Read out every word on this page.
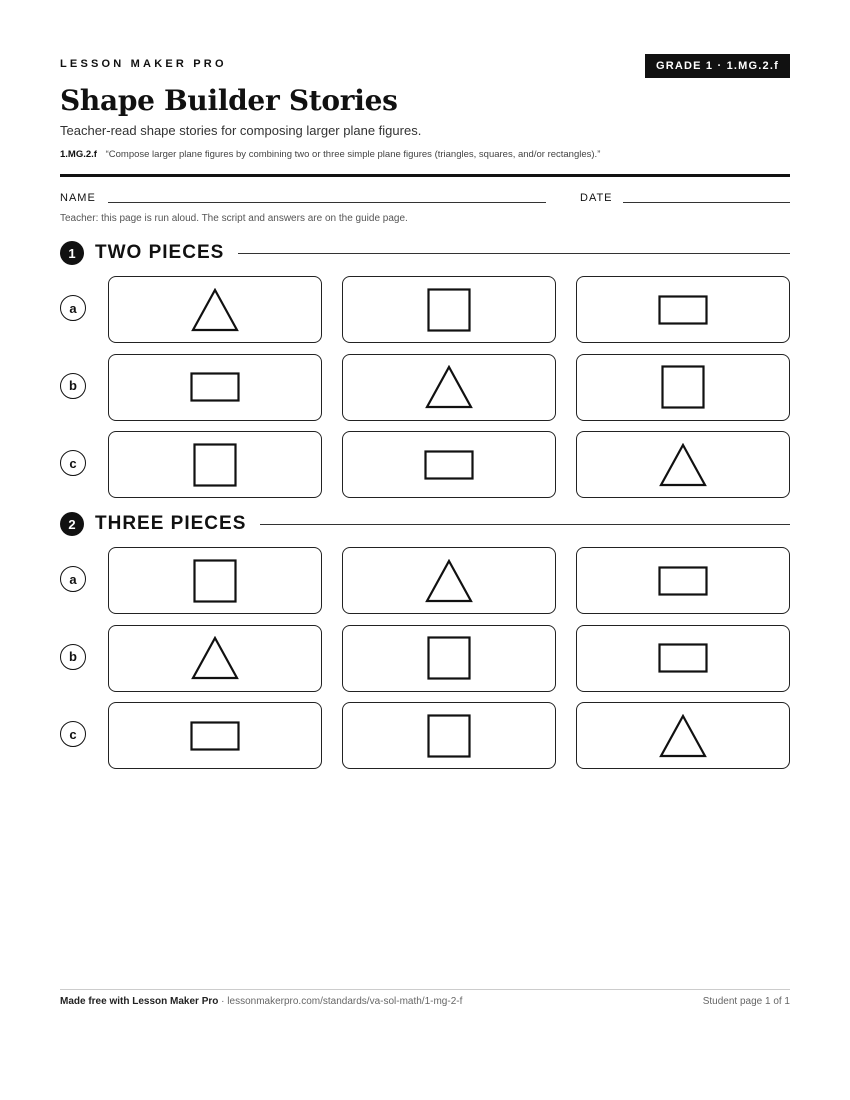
LESSON MAKER PRO	GRADE 1 · 1.MG.2.f
Shape Builder Stories
Teacher-read shape stories for composing larger plane figures.
1.MG.2.f “Compose larger plane figures by combining two or three simple plane figures (triangles, squares, and/or rectangles).”
NAME	DATE
Teacher: this page is run aloud. The script and answers are on the guide page.
1	TWO PIECES
a
b
c
2	THREE PIECES
a
b
c
Made free with Lesson Maker Pro · lessonmakerpro.com/standards/va-sol-math/1-mg-2-f	Student page 1 of 1
